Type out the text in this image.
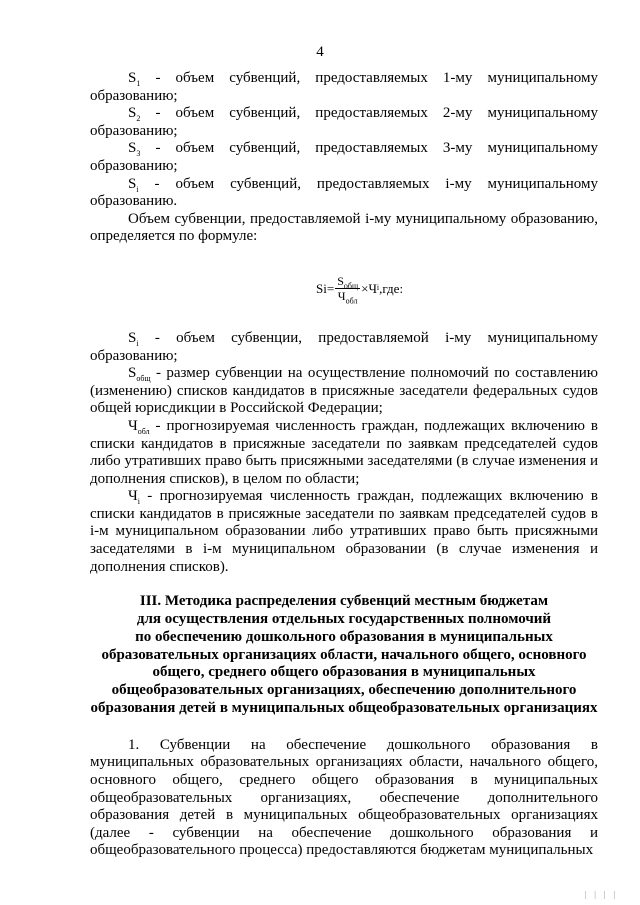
4

$S_1$ - объем субвенций, предоставляемых 1-му муниципальному

образованию;

$S_2$ - объем субвенций, предоставляемых 2-му муниципальному

образованию;

$S_3$ - объем субвенций, предоставляемых 3-му муниципальному

образованию;

$S_i$ - объем субвенций, предоставляемых i-му муниципальному

образованию.

Объем субвенции, предоставляемой i-му муниципальному образованию,

определяется по формуле:

$Si= \frac{S_{общ}}{Ч_{обл}} \times Ч$ i ,где:

$S_i$ - объем субвенции, предоставляемой i-му муниципальному

образованию;

$S_{общ}$ - размер субвенции на осуществление полномочий по составлению (изменению) списков кандидатов в присяжные заседатели федеральных судов общей юрисдикции в Российской Федерации;

$Ч_{обл}$ - прогнозируемая численность граждан, подлежащих включению в списки кандидатов в присяжные заседатели по заявкам председателей судов либо утративших право быть присяжными заседателями (в случае изменения и дополнения списков), в целом по области;

$Ч_i$ - прогнозируемая численность граждан, подлежащих включению в списки кандидатов в присяжные заседатели по заявкам председателей судов в i-м муниципальном образовании либо утративших право быть присяжными заседателями в i-м муниципальном образовании (в случае изменения и дополнения списков).

III. Методика распределения субвенций местным бюджетам
для осуществления отдельных государственных полномочий
по обеспечению дошкольного образования в муниципальных
образовательных организациях области, начального общего, основного
общего, среднего общего образования в муниципальных
общеобразовательных организациях, обеспечению дополнительного
образования детей в муниципальных общеобразовательных организациях

1. Субвенции на обеспечение дошкольного образования в муниципальных образовательных организациях области, начального общего, основного общего, среднего общего образования в муниципальных общеобразовательных организациях, обеспечение дополнительного образования детей в муниципальных общеобразовательных организациях (далее - субвенции на обеспечение дошкольного образования и общеобразовательного процесса) предоставляются бюджетам муниципальных

| | | |
